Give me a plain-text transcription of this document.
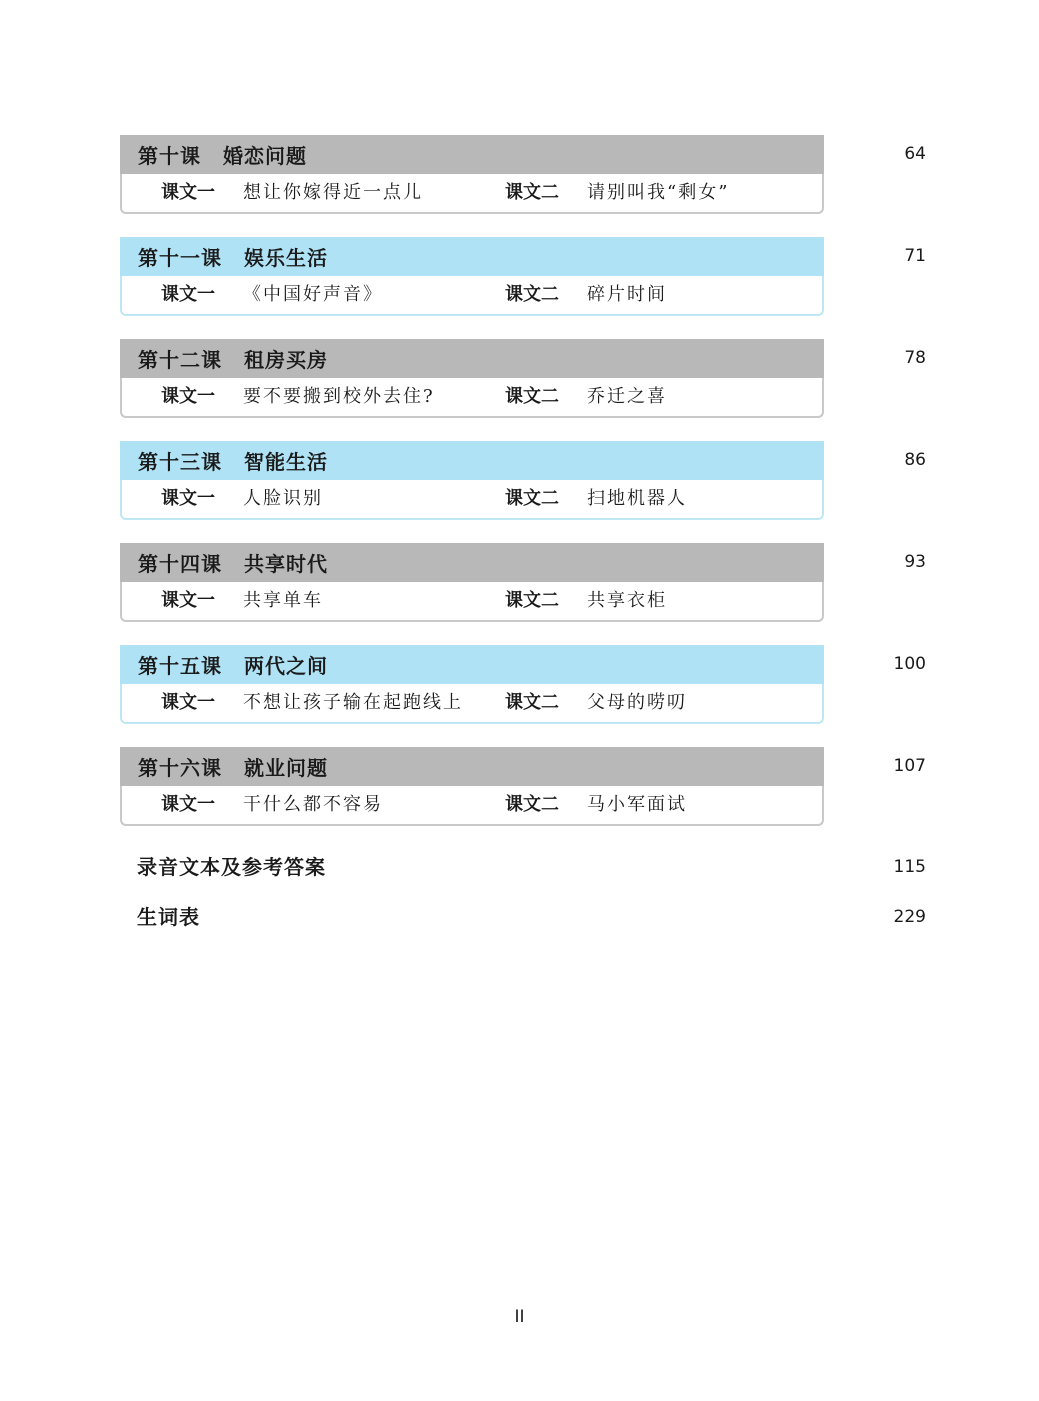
第十课 婚恋问题
课文一 想让你嫁得近一点儿	课文二 请别叫我“剩女”
64
第十一课 娱乐生活
课文一 《中国好声音》	课文二 碎片时间
71
第十二课 租房买房
课文一 要不要搬到校外去住?	课文二 乔迁之喜
78
第十三课 智能生活
课文一 人脸识别	课文二 扫地机器人
86
第十四课 共享时代
课文一 共享单车	课文二 共享衣柜
93
第十五课 两代之间
课文一 不想让孩子输在起跑线上 课文二 父母的唠叨
100
第十六课 就业问题
课文一 干什么都不容易	课文二 马小军面试
107
录音文本及参考答案	115
生词表	229
II
